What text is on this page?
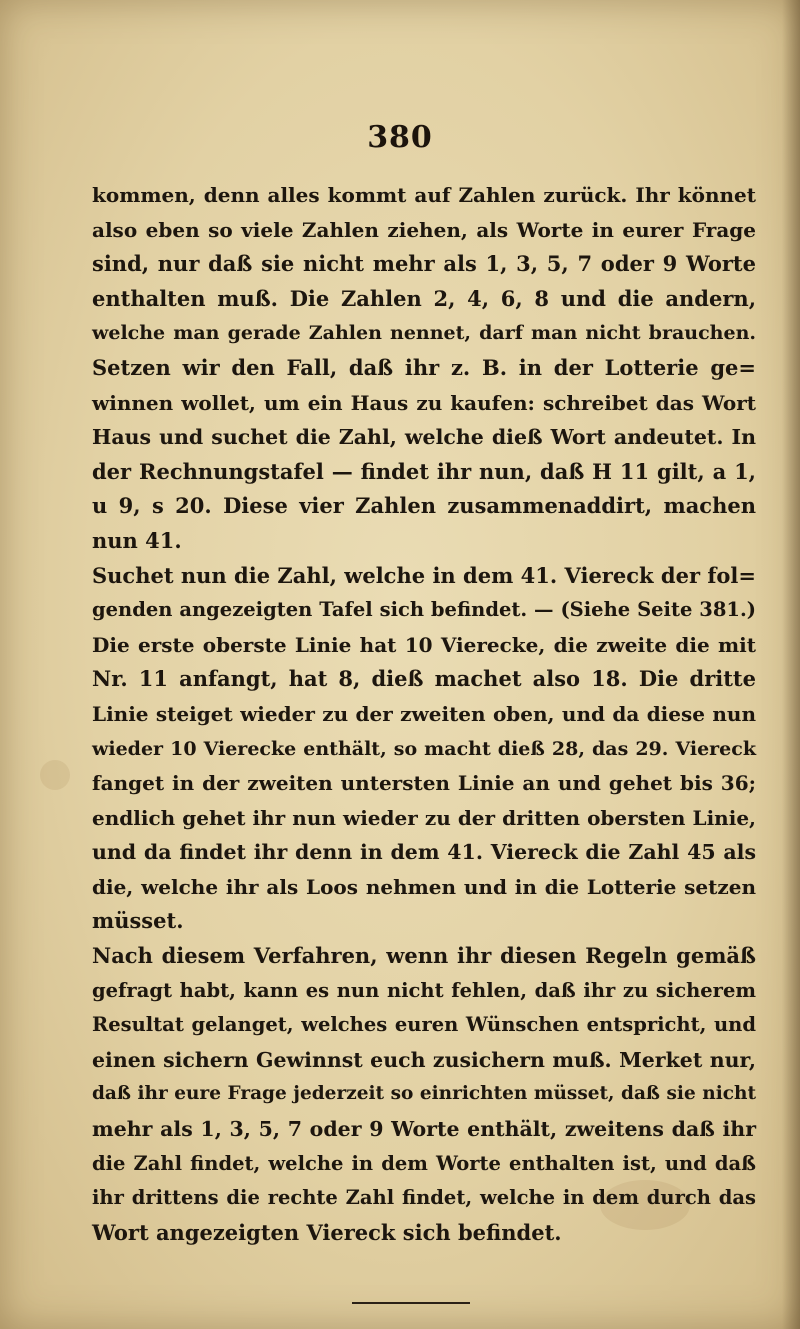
380
kommen, denn alles kommt auf Zahlen zurück. Ihr könnet
also eben so viele Zahlen ziehen, als Worte in eurer Frage
sind, nur daß sie nicht mehr als 1, 3, 5, 7 oder 9 Worte
enthalten muß. Die Zahlen 2, 4, 6, 8 und die andern,
welche man gerade Zahlen nennet, darf man nicht brauchen.
Setzen wir den Fall, daß ihr z. B. in der Lotterie ge=
winnen wollet, um ein Haus zu kaufen: schreibet das Wort
Haus und suchet die Zahl, welche dieß Wort andeutet. In
der Rechnungstafel — findet ihr nun, daß H 11 gilt, a 1,
u 9, s 20. Diese vier Zahlen zusammenaddirt, machen
nun 41.
Suchet nun die Zahl, welche in dem 41. Viereck der fol=
genden angezeigten Tafel sich befindet. — (Siehe Seite 381.)
Die erste oberste Linie hat 10 Vierecke, die zweite die mit
Nr. 11 anfangt, hat 8, dieß machet also 18. Die dritte
Linie steiget wieder zu der zweiten oben, und da diese nun
wieder 10 Vierecke enthält, so macht dieß 28, das 29. Viereck
fanget in der zweiten untersten Linie an und gehet bis 36;
endlich gehet ihr nun wieder zu der dritten obersten Linie,
und da findet ihr denn in dem 41. Viereck die Zahl 45 als
die, welche ihr als Loos nehmen und in die Lotterie setzen
müsset.
Nach diesem Verfahren, wenn ihr diesen Regeln gemäß
gefragt habt, kann es nun nicht fehlen, daß ihr zu sicherem
Resultat gelanget, welches euren Wünschen entspricht, und
einen sichern Gewinnst euch zusichern muß. Merket nur,
daß ihr eure Frage jederzeit so einrichten müsset, daß sie nicht
mehr als 1, 3, 5, 7 oder 9 Worte enthält, zweitens daß ihr
die Zahl findet, welche in dem Worte enthalten ist, und daß
ihr drittens die rechte Zahl findet, welche in dem durch das
Wort angezeigten Viereck sich befindet.
